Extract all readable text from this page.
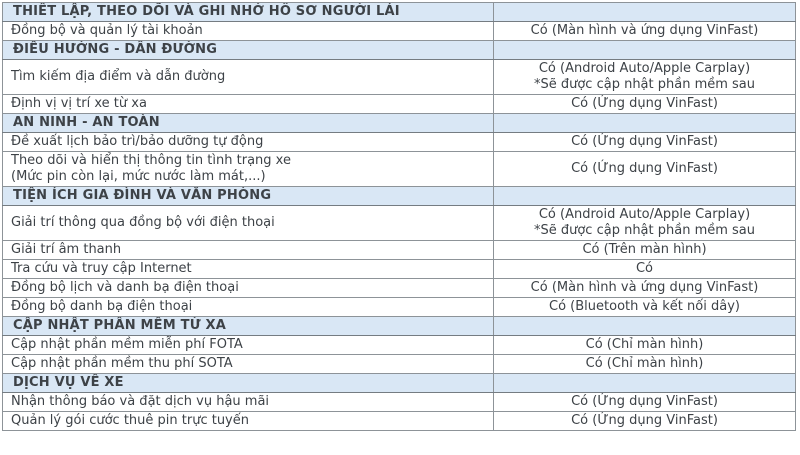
THIẾT LẬP, THEO DÕI VÀ GHI NHỚ HỒ SƠ NGƯỜI LÁI	

Đồng bộ và quản lý tài khoản	Có (Màn hình và ứng dụng VinFast)

ĐIỀU HƯỚNG - DẪN ĐƯỜNG	

Tìm kiếm địa điểm và dẫn đường	Có (Android Auto/Apple Carplay)
*Sẽ được cập nhật phần mềm sau

Định vị vị trí xe từ xa	Có (Ứng dụng VinFast)

AN NINH - AN TOÀN	

Đề xuất lịch bảo trì/bảo dưỡng tự động	Có (Ứng dụng VinFast)

Theo dõi và hiển thị thông tin tình trạng xe
(Mức pin còn lại, mức nước làm mát,...)	Có (Ứng dụng VinFast)

TIỆN ÍCH GIA ĐÌNH VÀ VĂN PHÒNG	

Giải trí thông qua đồng bộ với điện thoại	Có (Android Auto/Apple Carplay)
*Sẽ được cập nhật phần mềm sau

Giải trí âm thanh	Có (Trên màn hình)

Tra cứu và truy cập Internet	Có

Đồng bộ lịch và danh bạ điện thoại	Có (Màn hình và ứng dụng VinFast)

Đồng bộ danh bạ điện thoại	Có (Bluetooth và kết nối dây)

CẬP NHẬT PHẦN MỀM TỪ XA	

Cập nhật phần mềm miễn phí FOTA	Có (Chỉ màn hình)

Cập nhật phần mềm thu phí SOTA	Có (Chỉ màn hình)

DỊCH VỤ VỀ XE	

Nhận thông báo và đặt dịch vụ hậu mãi	Có (Ứng dụng VinFast)

Quản lý gói cước thuê pin trực tuyến	Có (Ứng dụng VinFast)
